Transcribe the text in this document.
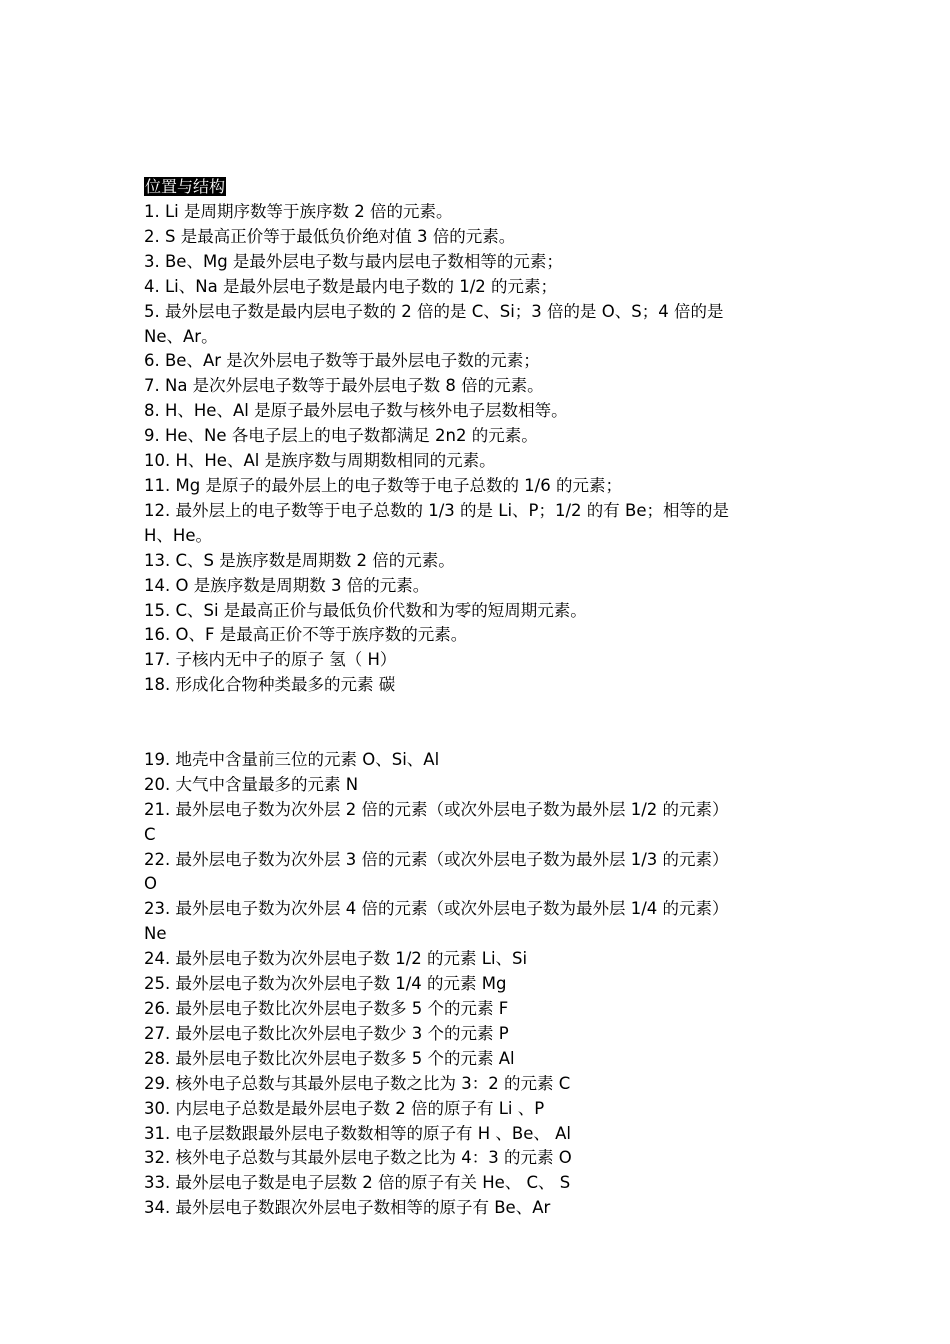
位置与结构
1. Li 是周期序数等于族序数 2 倍的元素。
2. S 是最高正价等于最低负价绝对值 3 倍的元素。
3. Be、Mg 是最外层电子数与最内层电子数相等的元素；
4. Li、Na 是最外层电子数是最内电子数的 1/2 的元素；
5. 最外层电子数是最内层电子数的 2 倍的是 C、Si；3 倍的是 O、S；4 倍的是
Ne、Ar。
6. Be、Ar 是次外层电子数等于最外层电子数的元素；
7. Na 是次外层电子数等于最外层电子数 8 倍的元素。
8. H、He、Al 是原子最外层电子数与核外电子层数相等。
9. He、Ne 各电子层上的电子数都满足 2n2 的元素。
10. H、He、Al 是族序数与周期数相同的元素。
11. Mg 是原子的最外层上的电子数等于电子总数的 1/6 的元素；
12. 最外层上的电子数等于电子总数的 1/3 的是 Li、P；1/2 的有 Be；相等的是
H、He。
13. C、S 是族序数是周期数 2 倍的元素。
14. O 是族序数是周期数 3 倍的元素。
15. C、Si 是最高正价与最低负价代数和为零的短周期元素。
16. O、F 是最高正价不等于族序数的元素。
17. 子核内无中子的原子 氢（ H）
18. 形成化合物种类最多的元素 碳
19. 地壳中含量前三位的元素 O、Si、Al
20. 大气中含量最多的元素 N
21. 最外层电子数为次外层 2 倍的元素（或次外层电子数为最外层 1/2 的元素）
C
22. 最外层电子数为次外层 3 倍的元素（或次外层电子数为最外层 1/3 的元素）
O
23. 最外层电子数为次外层 4 倍的元素（或次外层电子数为最外层 1/4 的元素）
Ne
24. 最外层电子数为次外层电子数 1/2 的元素 Li、Si
25. 最外层电子数为次外层电子数 1/4 的元素 Mg
26. 最外层电子数比次外层电子数多 5 个的元素 F
27. 最外层电子数比次外层电子数少 3 个的元素 P
28. 最外层电子数比次外层电子数多 5 个的元素 Al
29. 核外电子总数与其最外层电子数之比为 3：2 的元素 C
30. 内层电子总数是最外层电子数 2 倍的原子有 Li 、P
31. 电子层数跟最外层电子数数相等的原子有 H 、Be、 Al
32. 核外电子总数与其最外层电子数之比为 4：3 的元素 O
33. 最外层电子数是电子层数 2 倍的原子有关 He、 C、 S
34. 最外层电子数跟次外层电子数相等的原子有 Be、Ar
